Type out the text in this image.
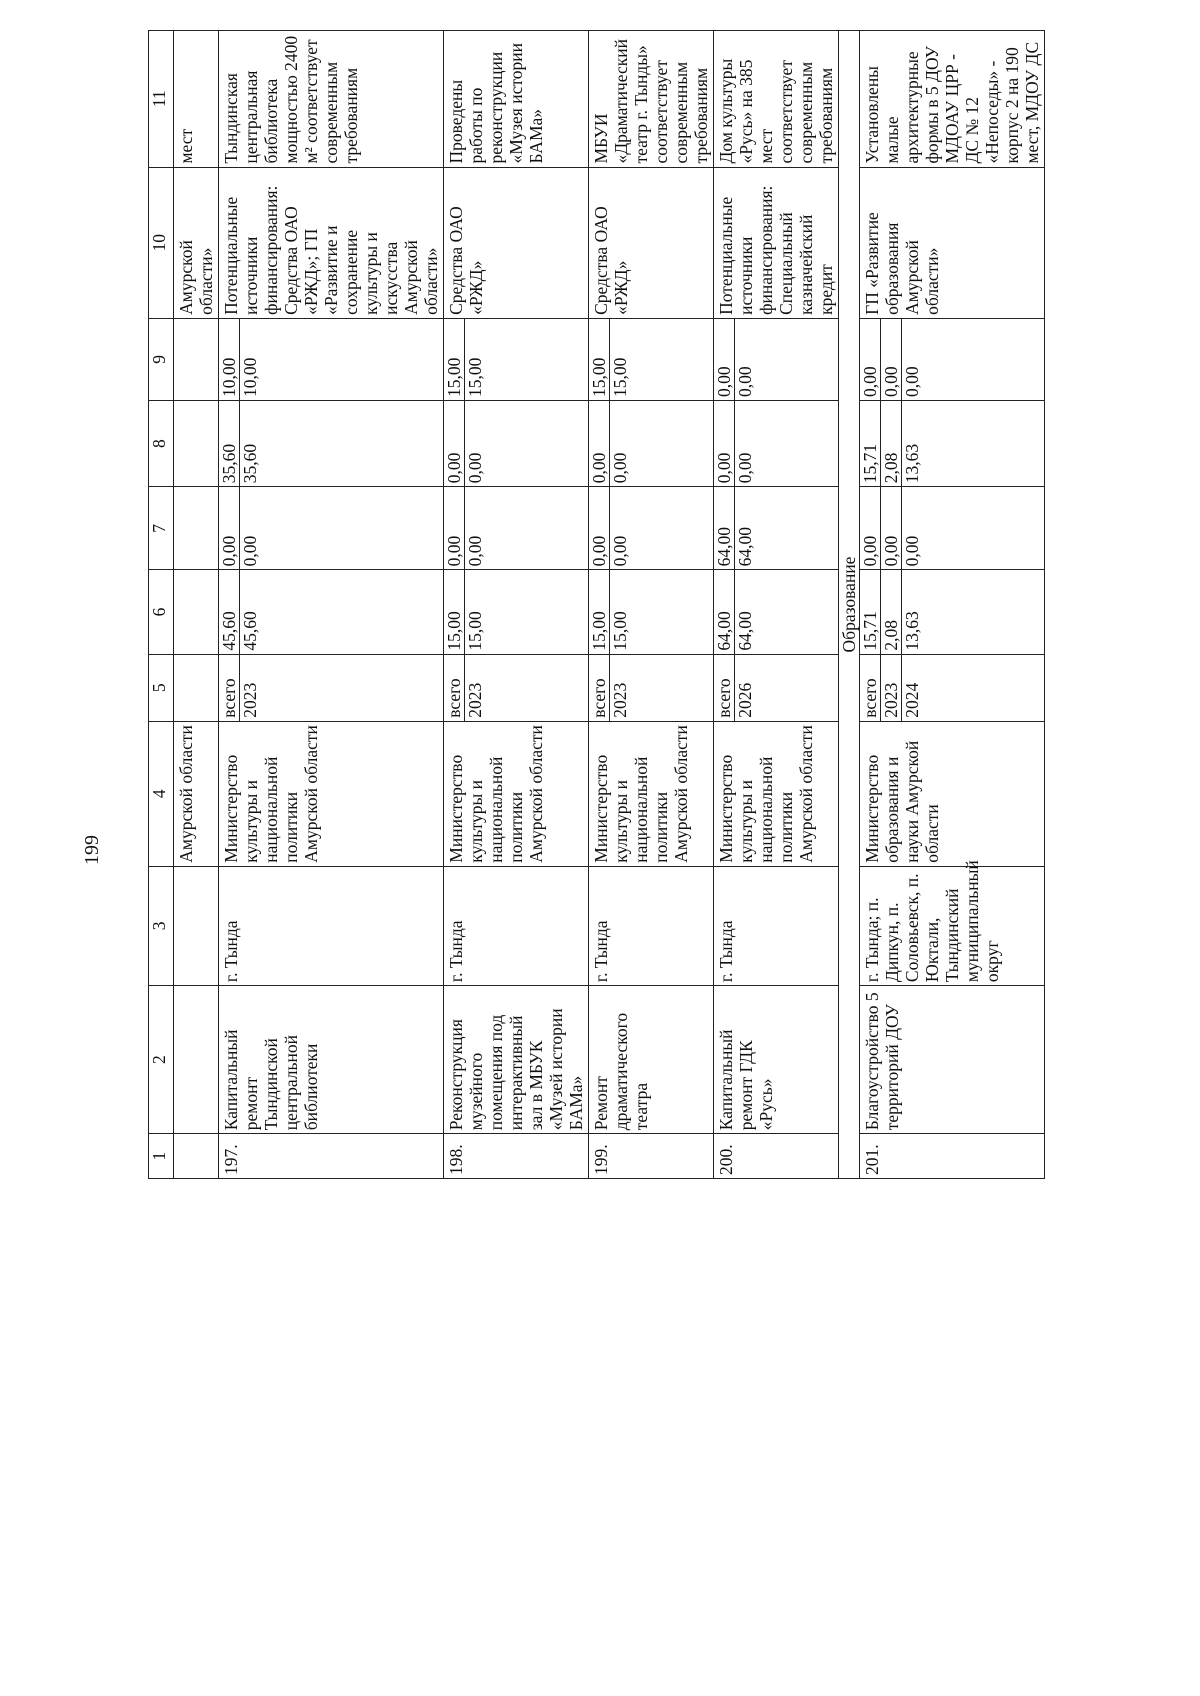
199
1	2	3	4	5	6	7	8	9	10	11
			Амурской области						Амурской области»	мест
197.	Капитальный ремонт Тындинской центральной библиотеки	г. Тында	Министерство культуры и национальной политики Амурской области	всего 2023	45,60 45,60	0,00 0,00	35,60 35,60	10,00 10,00	Потенциальные источники финансирования: Средства ОАО «РЖД»; ГП «Развитие и сохранение культуры и искусства Амурской области»	Тындинская центральная библиотека мощностью 2400 м² соответствует современным требованиям
198.	Реконструкция музейного помещения под интерактивный зал в МБУК «Музей истории БАМа»	г. Тында	Министерство культуры и национальной политики Амурской области	всего 2023	15,00 15,00	0,00 0,00	0,00 0,00	15,00 15,00	Средства ОАО «РЖД»	Проведены работы по реконструкции «Музея истории БАМа»
199.	Ремонт драматического театра	г. Тында	Министерство культуры и национальной политики Амурской области	всего 2023	15,00 15,00	0,00 0,00	0,00 0,00	15,00 15,00	Средства ОАО «РЖД»	МБУИ «Драматический театр г. Тынды» соответствует современным требованиям
200.	Капитальный ремонт ГДК «Русь»	г. Тында	Министерство культуры и национальной политики Амурской области	всего 2026	64,00 64,00	64,00 64,00	0,00 0,00	0,00 0,00	Потенциальные источники финансирования: Специальный казначейский кредит	Дом культуры «Русь» на 385 мест соответствует современным требованиям
Образование										
201.	Благоустройство 5 территорий ДОУ	г. Тында; п. Дипкун, п. Соловьевск, п. Юктали, Тындинский муниципальный округ	Министерство образования и науки Амурской области	всего 2023 2024	15,71 2,08 13,63	0,00 0,00 0,00	15,71 2,08 13,63	0,00 0,00 0,00	ГП «Развитие образования Амурской области»	Установлены малые архитектурные формы в 5 ДОУ МДОАУ ЦРР - ДС № 12 «Непоседы» - корпус 2 на 190 мест, МДОУ ДС
